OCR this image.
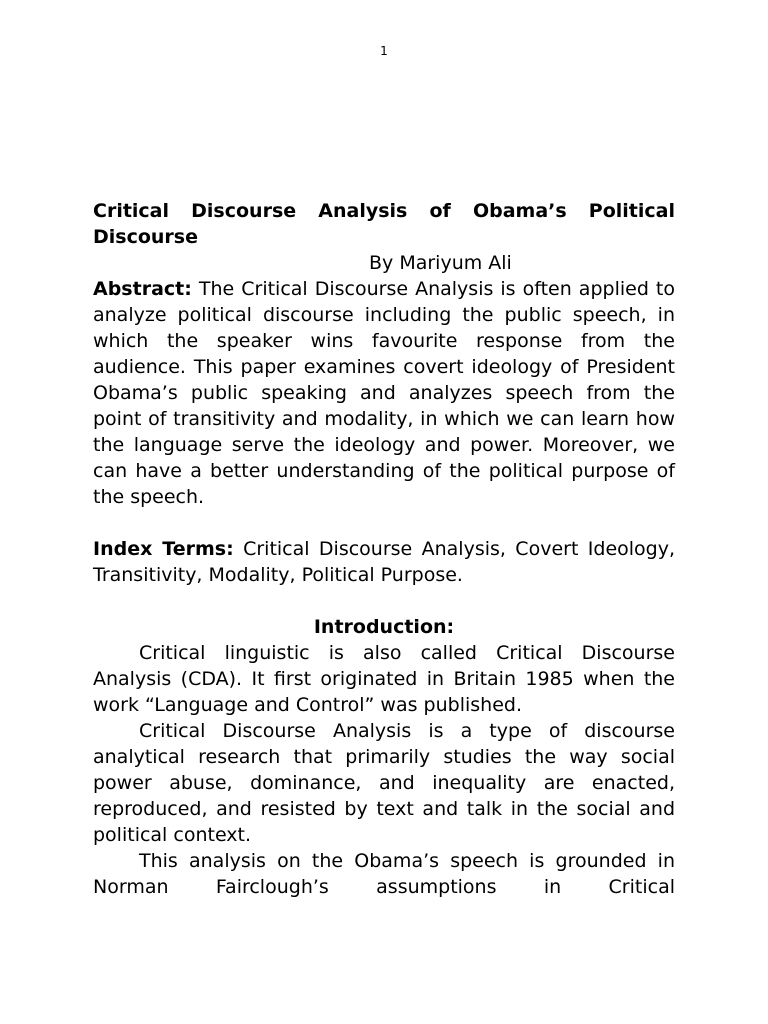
1

Critical Discourse Analysis of Obama’s Political Discourse

By Mariyum Ali

Abstract: The Critical Discourse Analysis is often applied to analyze political discourse including the public speech, in which the speaker wins favourite response from the audience. This paper examines covert ideology of President Obama’s public speaking and analyzes speech from the point of transitivity and modality, in which we can learn how the language serve the ideology and power. Moreover, we can have a better understanding of the political purpose of the speech.

Index Terms: Critical Discourse Analysis, Covert Ideology, Transitivity, Modality, Political Purpose.

Introduction:

Critical linguistic is also called Critical Discourse Analysis (CDA). It first originated in Britain 1985 when the work “Language and Control” was published.

Critical Discourse Analysis is a type of discourse analytical research that primarily studies the way social power abuse, dominance, and inequality are enacted, reproduced, and resisted by text and talk in the social and political context.

This analysis on the Obama’s speech is grounded in Norman Fairclough’s assumptions in Critical
